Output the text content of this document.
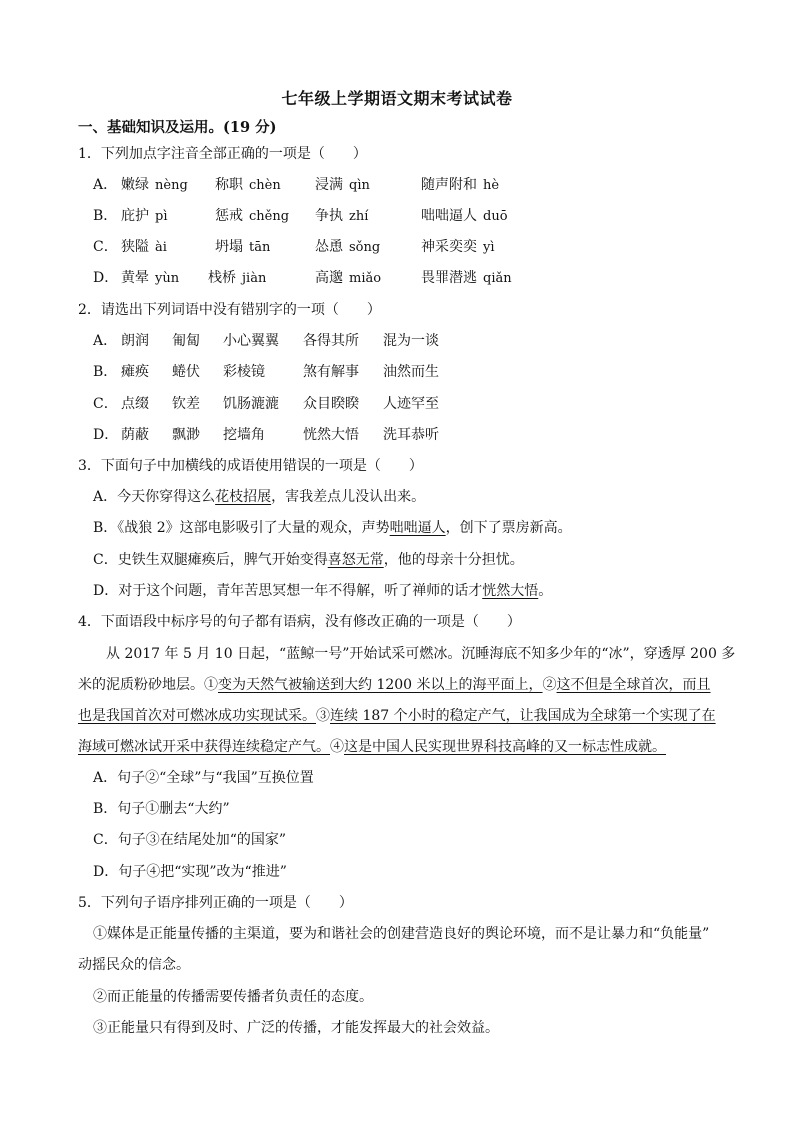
七年级上学期语文期末考试试卷
一、基础知识及运用。(19 分)
1．下列加点字注音全部正确的一项是（　　）
A． 嫩绿 nèng 称职 chèn 浸满 qìn	随声附和 hè
B． 庇护 pì	惩戒 chěng 争执 zhí	咄咄逼人 duō
C． 狭隘 ài	坍塌 tān	怂恿 sǒng	神采奕奕 yì
D． 黄晕 yùn 栈桥 jiàn	高邈 miǎo	畏罪潜逃 qiǎn
2．请选出下列词语中没有错别字的一项（　　）
A． 朗润 匍匐 小心翼翼 各得其所 混为一谈
B． 瘫痪 蜷伏 彩棱镜	煞有解事 油然而生
C． 点缀 钦差 饥肠漉漉 众目睽睽 人迹罕至
D． 荫蔽 飘渺 挖墙角	恍然大悟 洗耳恭听
3．下面句子中加横线的成语使用错误的一项是（　　）
A．今天你穿得这么花枝招展，害我差点儿没认出来。
B．《战狼 2》这部电影吸引了大量的观众，声势咄咄逼人，创下了票房新高。
C．史铁生双腿瘫痪后，脾气开始变得喜怒无常，他的母亲十分担忧。
D．对于这个问题，青年苦思冥想一年不得解，听了禅师的话才恍然大悟。
4．下面语段中标序号的句子都有语病，没有修改正确的一项是（　　）
从 2017 年 5 月 10 日起，“蓝鲸一号”开始试采可燃冰。沉睡海底不知多少年的“冰”，穿透厚 200 多
米的泥质粉砂地层。①变为天然气被输送到大约 1200 米以上的海平面上，②这不但是全球首次，而且
也是我国首次对可燃冰成功实现试采。③连续 187 个小时的稳定产气，让我国成为全球第一个实现了在
海域可燃冰试开采中获得连续稳定产气。④这是中国人民实现世界科技高峰的又一标志性成就。
A．句子②“全球”与“我国”互换位置
B．句子①删去“大约”
C．句子③在结尾处加“的国家”
D．句子④把“实现”改为“推进”
5．下列句子语序排列正确的一项是（　　）
①媒体是正能量传播的主渠道，要为和谐社会的创建营造良好的舆论环境，而不是让暴力和“负能量”
动摇民众的信念。
②而正能量的传播需要传播者负责任的态度。
③正能量只有得到及时、广泛的传播，才能发挥最大的社会效益。
